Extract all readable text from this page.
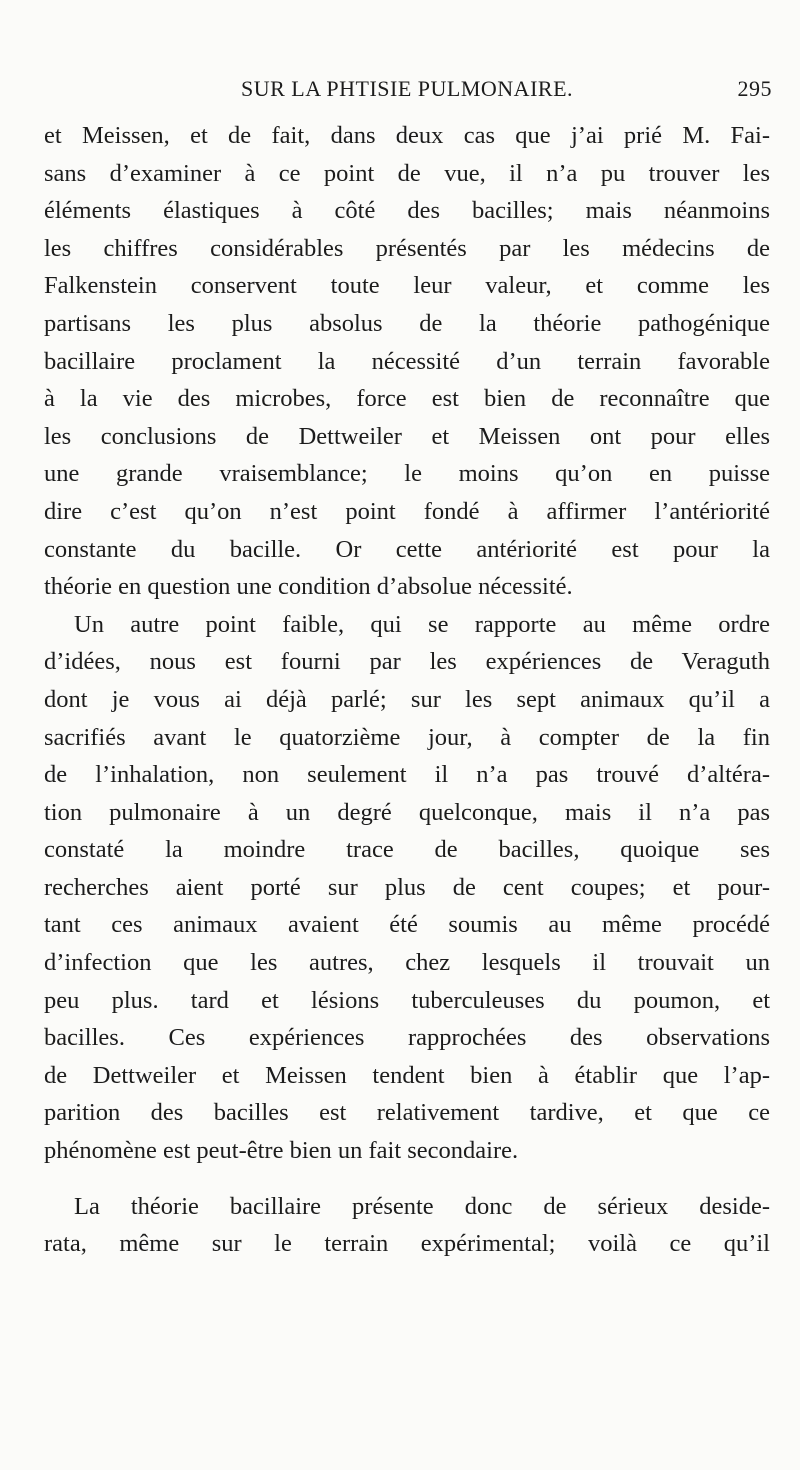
SUR LA PHTISIE PULMONAIRE.	295
et Meissen, et de fait, dans deux cas que j’ai prié M. Fai-
sans d’examiner à ce point de vue, il n’a pu trouver les
éléments élastiques à côté des bacilles; mais néanmoins
les chiffres considérables présentés par les médecins de
Falkenstein conservent toute leur valeur, et comme les
partisans les plus absolus de la théorie pathogénique
bacillaire proclament la nécessité d’un terrain favorable
à la vie des microbes, force est bien de reconnaître que
les conclusions de Dettweiler et Meissen ont pour elles
une grande vraisemblance; le moins qu’on en puisse
dire c’est qu’on n’est point fondé à affirmer l’antériorité
constante du bacille. Or cette antériorité est pour la
théorie en question une condition d’absolue nécessité.
Un autre point faible, qui se rapporte au même ordre
d’idées, nous est fourni par les expériences de Veraguth
dont je vous ai déjà parlé; sur les sept animaux qu’il a
sacrifiés avant le quatorzième jour, à compter de la fin
de l’inhalation, non seulement il n’a pas trouvé d’altéra-
tion pulmonaire à un degré quelconque, mais il n’a pas
constaté la moindre trace de bacilles, quoique ses
recherches aient porté sur plus de cent coupes; et pour-
tant ces animaux avaient été soumis au même procédé
d’infection que les autres, chez lesquels il trouvait un
peu plus. tard et lésions tuberculeuses du poumon, et
bacilles. Ces expériences rapprochées des observations
de Dettweiler et Meissen tendent bien à établir que l’ap-
parition des bacilles est relativement tardive, et que ce
phénomène est peut-être bien un fait secondaire.
La théorie bacillaire présente donc de sérieux deside-
rata, même sur le terrain expérimental; voilà ce qu’il
